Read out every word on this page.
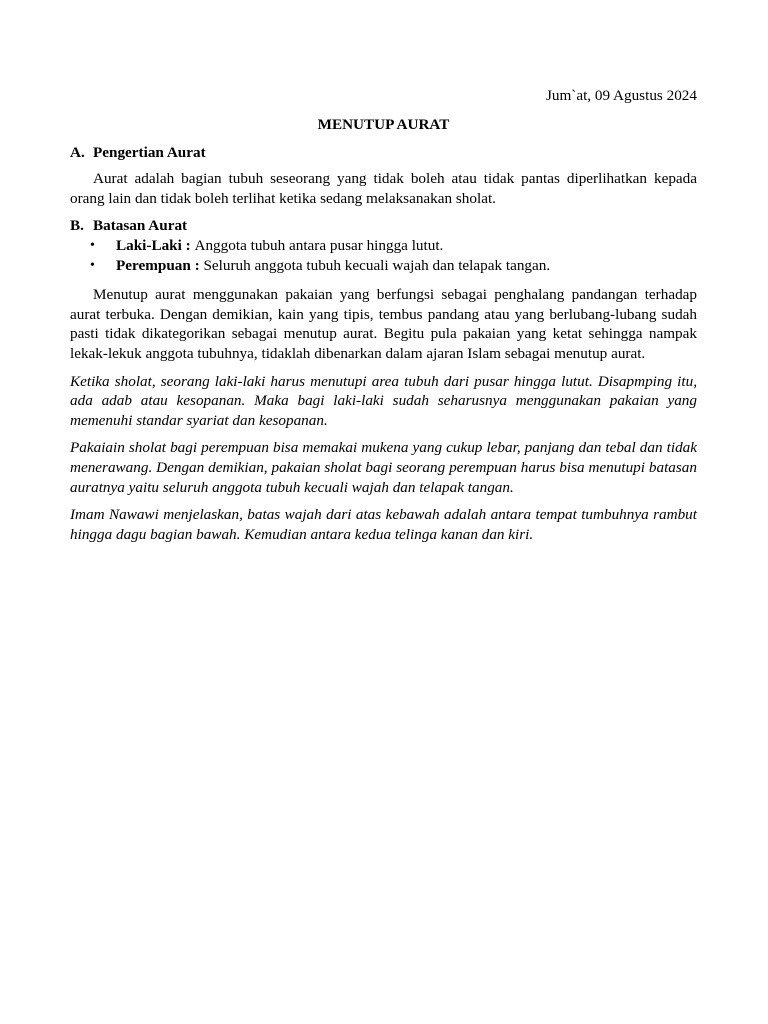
Jum`at, 09 Agustus 2024

MENUTUP AURAT

A. Pengertian Aurat

Aurat adalah bagian tubuh seseorang yang tidak boleh atau tidak pantas diperlihatkan kepada orang lain dan tidak boleh terlihat ketika sedang melaksanakan sholat.

B. Batasan Aurat
•	Laki-Laki : Anggota tubuh antara pusar hingga lutut.
•	Perempuan : Seluruh anggota tubuh kecuali wajah dan telapak tangan.

Menutup aurat menggunakan pakaian yang berfungsi sebagai penghalang pandangan terhadap aurat terbuka. Dengan demikian, kain yang tipis, tembus pandang atau yang berlubang-lubang sudah pasti tidak dikategorikan sebagai menutup aurat. Begitu pula pakaian yang ketat sehingga nampak lekak-lekuk anggota tubuhnya, tidaklah dibenarkan dalam ajaran Islam sebagai menutup aurat.

Ketika sholat, seorang laki-laki harus menutupi area tubuh dari pusar hingga lutut. Disapmping itu, ada adab atau kesopanan. Maka bagi laki-laki sudah seharusnya menggunakan pakaian yang memenuhi standar syariat dan kesopanan.

Pakaiain sholat bagi perempuan bisa memakai mukena yang cukup lebar, panjang dan tebal dan tidak menerawang. Dengan demikian, pakaian sholat bagi seorang perempuan harus bisa menutupi batasan auratnya yaitu seluruh anggota tubuh kecuali wajah dan telapak tangan.

Imam Nawawi menjelaskan, batas wajah dari atas kebawah adalah antara tempat tumbuhnya rambut hingga dagu bagian bawah. Kemudian antara kedua telinga kanan dan kiri.
